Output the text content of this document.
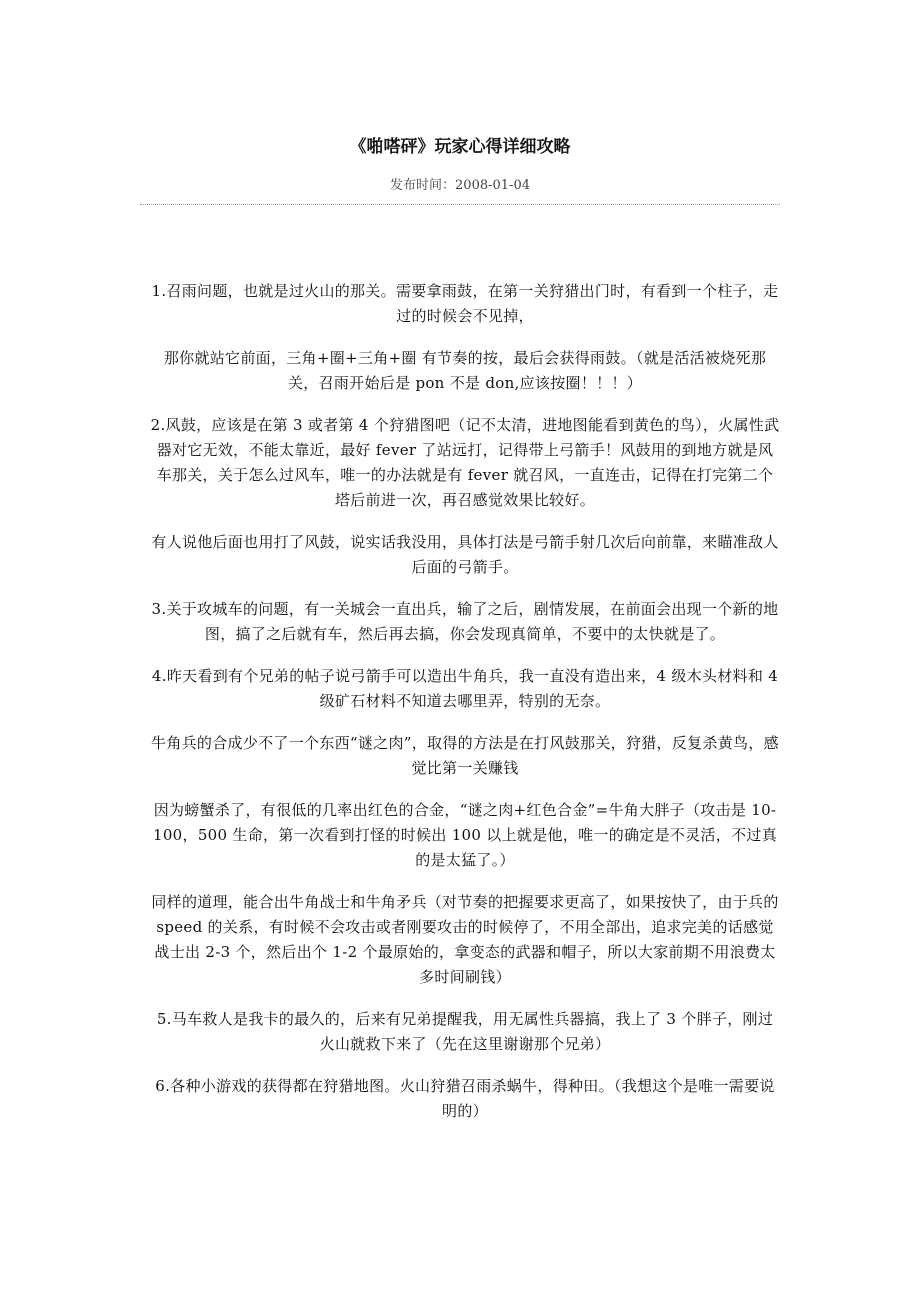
《啪嗒砰》玩家心得详细攻略
发布时间：2008-01-04

1.召雨问题，也就是过火山的那关。需要拿雨鼓，在第一关狩猎出门时，有看到一个柱子，走过的时候会不见掉，

那你就站它前面，三角+圈+三角+圈 有节奏的按，最后会获得雨鼓。（就是活活被烧死那关，召雨开始后是 pon 不是 don,应该按圈！！！）

2.风鼓，应该是在第 3 或者第 4 个狩猎图吧（记不太清，进地图能看到黄色的鸟），火属性武器对它无效，不能太靠近，最好 fever 了站远打，记得带上弓箭手！风鼓用的到地方就是风车那关，关于怎么过风车，唯一的办法就是有 fever 就召风，一直连击，记得在打完第二个塔后前进一次，再召感觉效果比较好。

有人说他后面也用打了风鼓，说实话我没用，具体打法是弓箭手射几次后向前靠，来瞄准敌人后面的弓箭手。

3.关于攻城车的问题，有一关城会一直出兵，输了之后，剧情发展，在前面会出现一个新的地图，搞了之后就有车，然后再去搞，你会发现真简单，不要中的太快就是了。

4.昨天看到有个兄弟的帖子说弓箭手可以造出牛角兵，我一直没有造出来，4 级木头材料和 4 级矿石材料不知道去哪里弄，特别的无奈。

牛角兵的合成少不了一个东西“谜之肉”，取得的方法是在打风鼓那关，狩猎，反复杀黄鸟，感觉比第一关赚钱

因为螃蟹杀了，有很低的几率出红色的合金，“谜之肉+红色合金”=牛角大胖子（攻击是 10-100，500 生命，第一次看到打怪的时候出 100 以上就是他，唯一的确定是不灵活，不过真的是太猛了。）

同样的道理，能合出牛角战士和牛角矛兵（对节奏的把握要求更高了，如果按快了，由于兵的 speed 的关系，有时候不会攻击或者刚要攻击的时候停了，不用全部出，追求完美的话感觉战士出 2-3 个，然后出个 1-2 个最原始的，拿变态的武器和帽子，所以大家前期不用浪费太多时间刷钱）

5.马车救人是我卡的最久的，后来有兄弟提醒我，用无属性兵器搞，我上了 3 个胖子，刚过火山就救下来了（先在这里谢谢那个兄弟）

6.各种小游戏的获得都在狩猎地图。火山狩猎召雨杀蜗牛，得种田。（我想这个是唯一需要说明的）
